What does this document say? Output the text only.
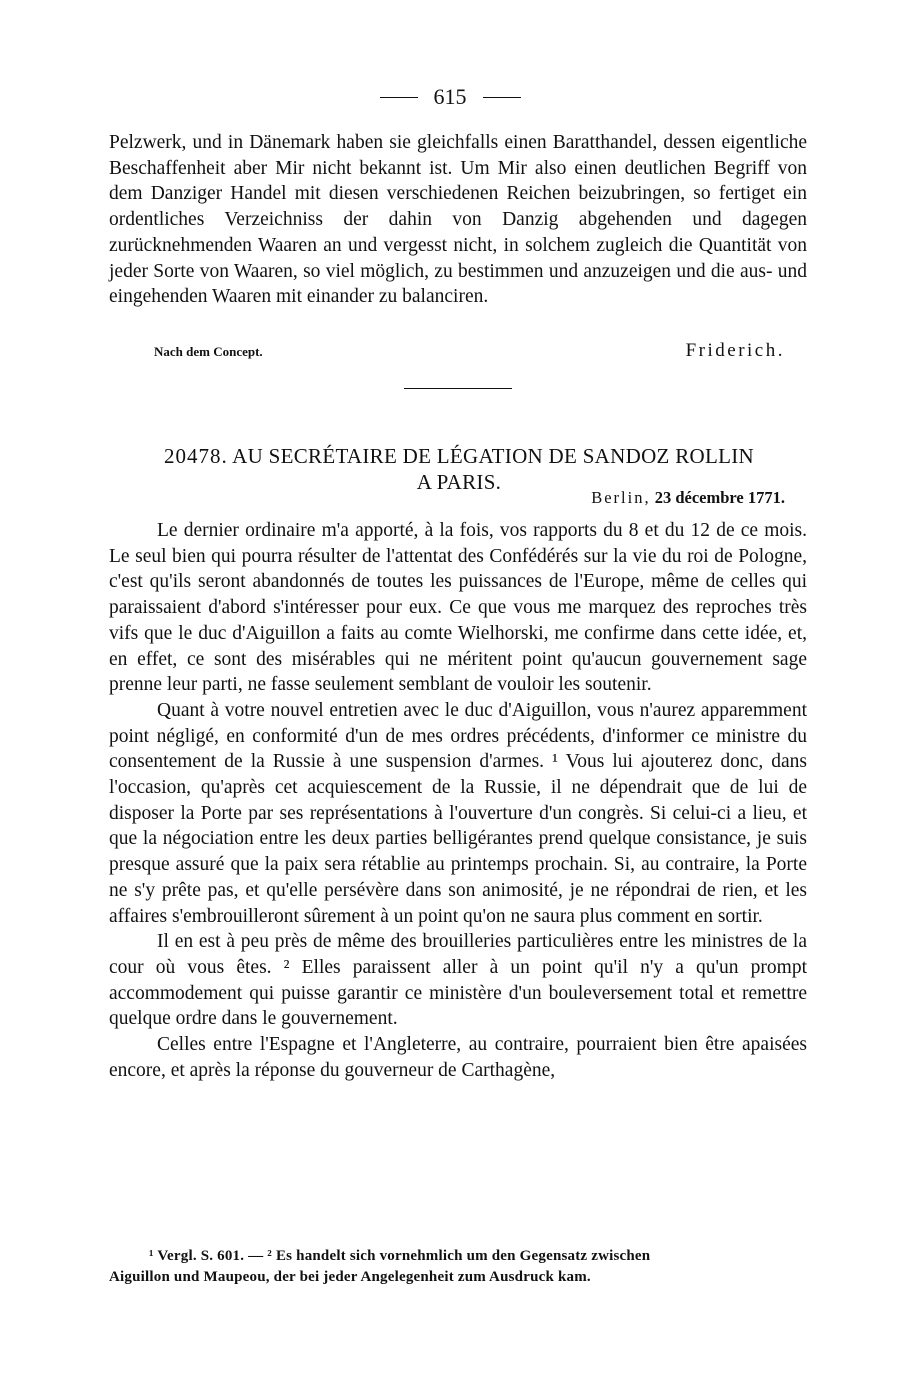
615

Pelzwerk, und in Dänemark haben sie gleichfalls einen Baratthandel, dessen eigentliche Beschaffenheit aber Mir nicht bekannt ist. Um Mir also einen deutlichen Begriff von dem Danziger Handel mit diesen verschiedenen Reichen beizubringen, so fertiget ein ordentliches Verzeichniss der dahin von Danzig abgehenden und dagegen zurücknehmenden Waaren an und vergesst nicht, in solchem zugleich die Quantität von jeder Sorte von Waaren, so viel möglich, zu bestimmen und anzuzeigen und die aus- und eingehenden Waaren mit einander zu balanciren.

Nach dem Concept.	Friderich.
20478. AU SECRÉTAIRE DE LÉGATION DE SANDOZ ROLLIN
A PARIS.
Berlin, 23 décembre 1771.

Le dernier ordinaire m'a apporté, à la fois, vos rapports du 8 et du 12 de ce mois. Le seul bien qui pourra résulter de l'attentat des Confédérés sur la vie du roi de Pologne, c'est qu'ils seront abandonnés de toutes les puissances de l'Europe, même de celles qui paraissaient d'abord s'intéresser pour eux. Ce que vous me marquez des reproches très vifs que le duc d'Aiguillon a faits au comte Wielhorski, me confirme dans cette idée, et, en effet, ce sont des misérables qui ne méritent point qu'aucun gouvernement sage prenne leur parti, ne fasse seulement semblant de vouloir les soutenir.

Quant à votre nouvel entretien avec le duc d'Aiguillon, vous n'aurez apparemment point négligé, en conformité d'un de mes ordres précédents, d'informer ce ministre du consentement de la Russie à une suspension d'armes. ¹ Vous lui ajouterez donc, dans l'occasion, qu'après cet acquiescement de la Russie, il ne dépendrait que de lui de disposer la Porte par ses représentations à l'ouverture d'un congrès. Si celui-ci a lieu, et que la négociation entre les deux parties belligérantes prend quelque consistance, je suis presque assuré que la paix sera rétablie au printemps prochain. Si, au contraire, la Porte ne s'y prête pas, et qu'elle persévère dans son animosité, je ne répondrai de rien, et les affaires s'embrouilleront sûrement à un point qu'on ne saura plus comment en sortir.

Il en est à peu près de même des brouilleries particulières entre les ministres de la cour où vous êtes. ² Elles paraissent aller à un point qu'il n'y a qu'un prompt accommodement qui puisse garantir ce ministère d'un bouleversement total et remettre quelque ordre dans le gouvernement.

Celles entre l'Espagne et l'Angleterre, au contraire, pourraient bien être apaisées encore, et après la réponse du gouverneur de Carthagène,

¹ Vergl. S. 601. — ² Es handelt sich vornehmlich um den Gegensatz zwischen
Aiguillon und Maupeou, der bei jeder Angelegenheit zum Ausdruck kam.
